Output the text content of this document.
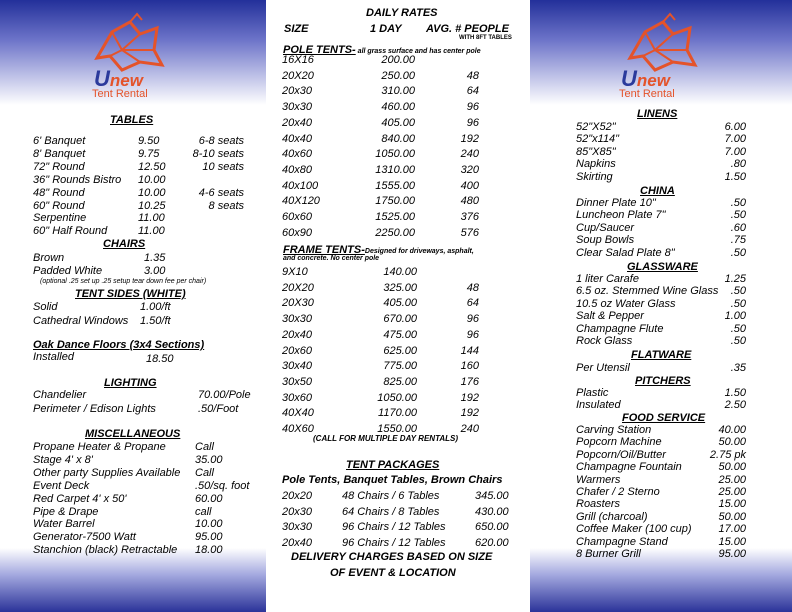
Unew
Tent Rental
TABLES
6' Banquet	9.50	6-8 seats
8' Banquet	9.75	8-10 seats
72" Round	12.50	10 seats
36" Rounds Bistro 10.00
48" Round	10.00	4-6 seats
60" Round	10.25	8 seats
Serpentine	11.00
60" Half Round	11.00
CHAIRS
Brown	1.35
Padded White	3.00
(optional .25 set up .25 setup tear down fee per chair)
TENT SIDES (WHITE)
Solid	1.00/ft
Cathedral Windows 1.50/ft
Oak Dance Floors (3x4 Sections)
Installed	18.50
LIGHTING
Chandelier	70.00/Pole
Perimeter / Edison Lights	.50/Foot
MISCELLANEOUS
Propane Heater & Propane	Call
Stage 4' x 8'	35.00
Other party Supplies Available Call
Event Deck	.50/sq. foot
Red Carpet 4' x 50'	60.00
Pipe & Drape	call
Water Barrel	10.00
Generator-7500 Watt	95.00
Stanchion (black) Retractable 18.00
DAILY RATES
SIZE	1 DAY AVG. # PEOPLE
WITH 8FT TABLES
POLE TENTS- all grass surface and has center pole
16X16	200.00
20X20	250.00	48
20x30	310.00	64
30x30	460.00	96
20x40	405.00	96
40x40	840.00	192
40x60	1050.00	240
40x80	1310.00	320
40x100	1555.00	400
40X120	1750.00	480
60x60	1525.00	376
60x90	2250.00	576
FRAME TENTS-Designed for driveways, asphalt,
and concrete. No center pole
9X10	140.00
20X20	325.00	48
20X30	405.00	64
30x30	670.00	96
20x40	475.00	96
20x60	625.00	144
30x40	775.00	160
30x50	825.00	176
30x60	1050.00	192
40X40	1170.00	192
40X60	1550.00	240
(CALL FOR MULTIPLE DAY RENTALS)
TENT PACKAGES
Pole Tents, Banquet Tables, Brown Chairs
20x20	48 Chairs / 6 Tables	345.00
20x30	64 Chairs / 8 Tables	430.00
30x30	96 Chairs / 12 Tables	650.00
20x40	96 Chairs / 12 Tables	620.00
DELIVERY CHARGES BASED ON SIZE
OF EVENT & LOCATION
Unew
Tent Rental
LINENS
52"X52"	6.00
52"x114"	7.00
85"X85"	7.00
Napkins	.80
Skirting	1.50
CHINA
Dinner Plate 10"	.50
Luncheon Plate 7"	.50
Cup/Saucer	.60
Soup Bowls	.75
Clear Salad Plate 8"	.50
GLASSWARE
1 liter Carafe	1.25
6.5 oz. Stemmed Wine Glass .50
10.5 oz Water Glass	.50
Salt & Pepper	1.00
Champagne Flute	.50
Rock Glass	.50
FLATWARE
Per Utensil	.35
PITCHERS
Plastic	1.50
Insulated	2.50
FOOD SERVICE
Carving Station	40.00
Popcorn Machine	50.00
Popcorn/Oil/Butter	2.75 pk
Champagne Fountain	50.00
Warmers	25.00
Chafer / 2 Sterno	25.00
Roasters	15.00
Grill (charcoal)	50.00
Coffee Maker (100 cup) 17.00
Champagne Stand	15.00
8 Burner Grill	95.00
